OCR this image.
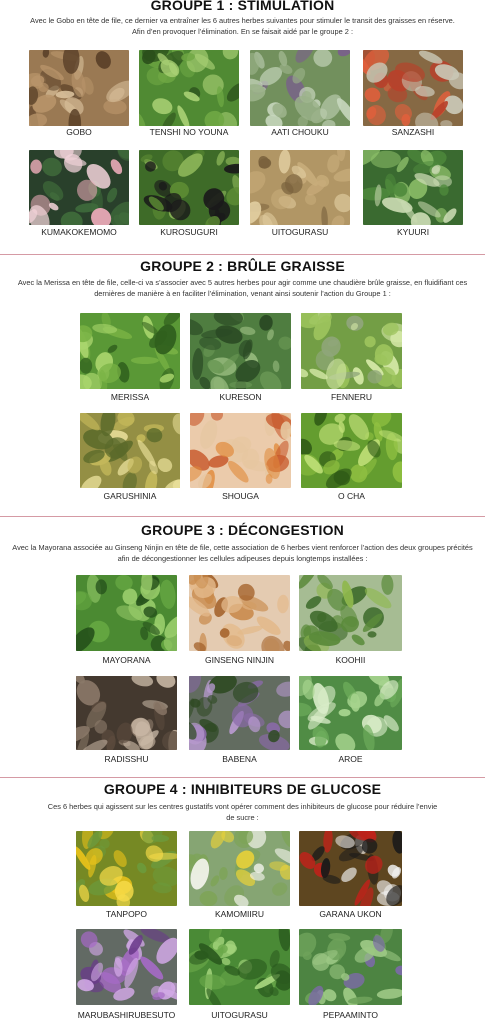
GROUPE 1 : STIMULATION
Avec le Gobo en tête de file, ce dernier va entraîner les 6 autres herbes suivantes pour stimuler le transit des graisses en réserve. Afin d’en provoquer l’élimination. En se faisait aidé par le groupe 2 :
GROUPE 2 : BRÛLE GRAISSE
Avec la Merissa en tête de file, celle-ci va s’associer avec 5 autres herbes pour agir comme une chaudière brûle graisse, en fluidifiant ces dernières de manière à en faciliter l’élimination, venant ainsi soutenir l’action du Groupe 1 :
GROUPE 3 : DÉCONGESTION
Avec la Mayorana associée au Ginseng Ninjin en tête de file, cette association de 6 herbes vient renforcer l’action des deux groupes précités afin de décongestionner les cellules adipeuses depuis longtemps installées :
GROUPE 4 : INHIBITEURS DE GLUCOSE
Ces 6 herbes qui agissent sur les centres gustatifs vont opérer comment des inhibiteurs de glucose pour réduire l’envie de sucre :
GOBO	TENSHI NO YOUNA	AATI CHOUKU	SANZASHI
KUMAKOKEMOMO	KUROSUGURI	UITOGURASU	KYUURI
MERISSA	KURESON	FENNERU
GARUSHINIA	SHOUGA	O CHA
MAYORANA	GINSENG NINJIN	KOOHII
RADISSHU	BABENA	AROE
TANPOPO	KAMOMIIRU	GARANA UKON
MARUBASHIRUBESUTO	UITOGURASU	PEPAAMINTO
